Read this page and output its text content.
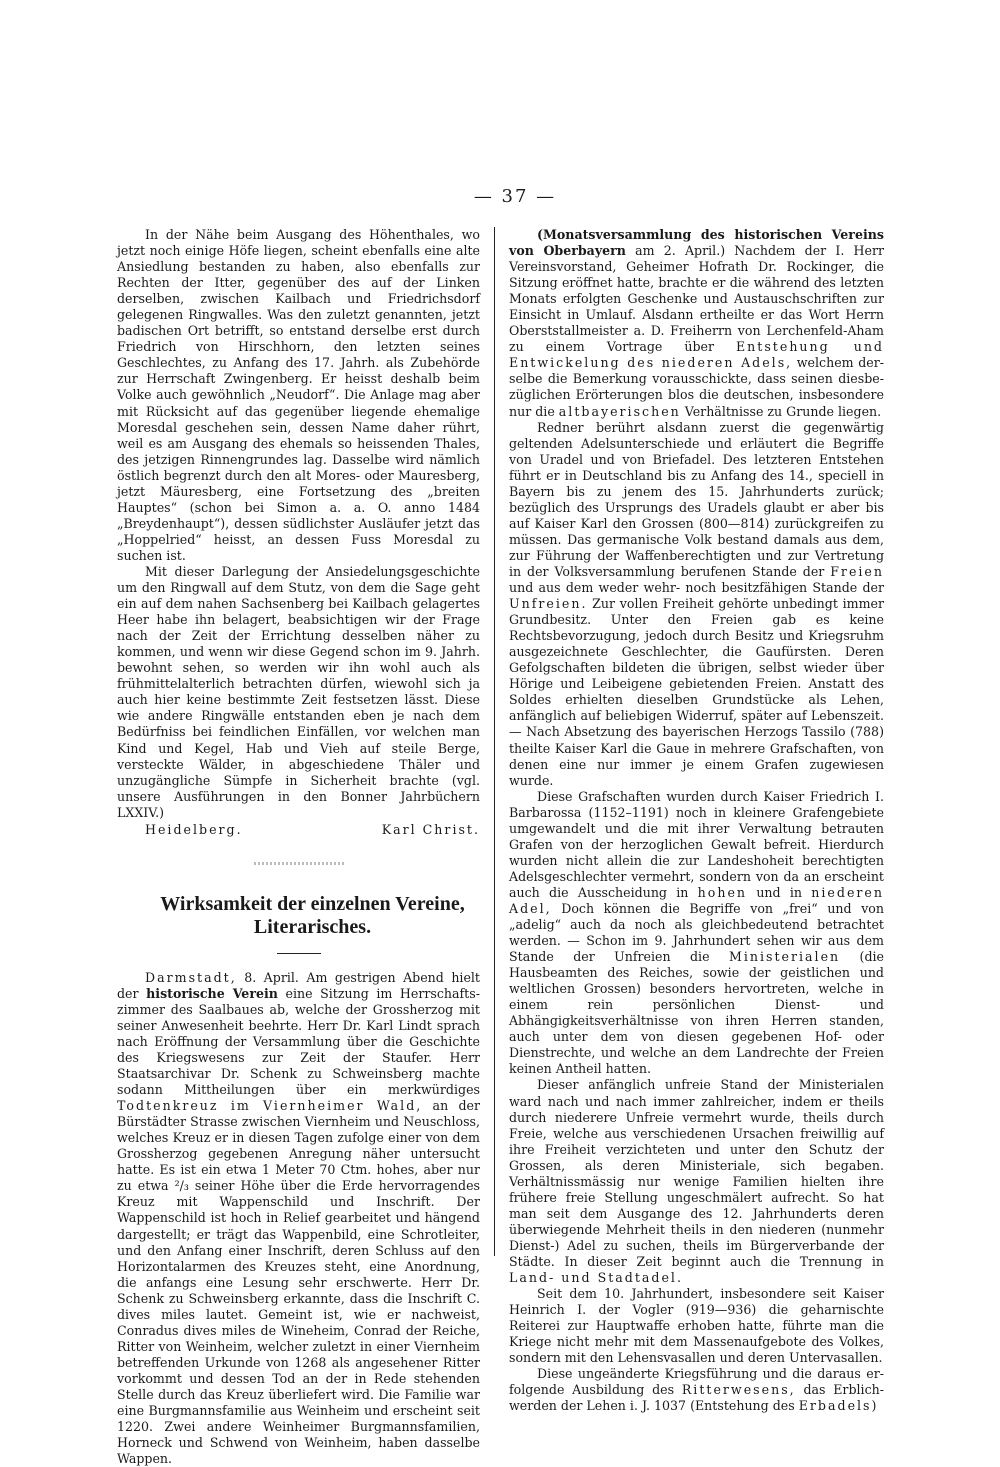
— 37 —

In der Nähe beim Ausgang des Höhenthales, wo jetzt noch einige Höfe liegen, scheint ebenfalls eine alte Ansiedlung bestanden zu haben, also ebenfalls zur Rechten der Itter, gegenüber des auf der Linken derselben, zwischen Kailbach und Friedrichsdorf gelegenen Ringwalles. Was den zuletzt genannten, jetzt badischen Ort betrifft, so entstand derselbe erst durch Friedrich von Hirschhorn, den letzten seines Geschlechtes, zu Anfang des 17. Jahrh. als Zubehörde zur Herrschaft Zwingenberg. Er heisst deshalb beim Volke auch gewöhnlich „Neudorf“. Die Anlage mag aber mit Rücksicht auf das gegenüber liegende ehemalige Moresdal geschehen sein, dessen Name daher rührt, weil es am Ausgang des ehemals so heissenden Thales, des jetzigen Rinnengrundes lag. Dasselbe wird nämlich östlich begrenzt durch den alt Mores- oder Mauresberg, jetzt Mäuresberg, eine Fortsetzung des „breiten Hauptes“ (schon bei Simon a. a. O. anno 1484 „Breydenhaupt“), dessen südlichster Ausläufer jetzt das „Hoppelried“ heisst, an dessen Fuss Moresdal zu suchen ist.

Mit dieser Darlegung der Ansiedelungsgeschichte um den Ringwall auf dem Stutz, von dem die Sage geht ein auf dem nahen Sachsenberg bei Kailbach gelagertes Heer habe ihn belagert, beabsichtigen wir der Frage nach der Zeit der Errichtung desselben näher zu kommen, und wenn wir diese Gegend schon im 9. Jahrh. bewohnt sehen, so werden wir ihn wohl auch als frühmittelalterlich betrachten dürfen, wiewohl sich ja auch hier keine bestimmte Zeit festsetzen lässt. Diese wie andere Ringwälle entstanden eben je nach dem Bedürfniss bei feindlichen Einfällen, vor welchen man Kind und Kegel, Hab und Vieh auf steile Berge, versteckte Wälder, in abgeschiedene Thäler und unzugängliche Sümpfe in Sicherheit brachte (vgl. unsere Ausführungen in den Bonner Jahrbüchern LXXIV.)

Heidelberg.	Karl Christ.

Wirksamkeit der einzelnen Vereine,

Literarisches.

Darmstadt, 8. April. Am gestrigen Abend hielt der historische Verein eine Sitzung im Herrschaftszimmer des Saalbaues ab, welche der Grossherzog mit seiner Anwesenheit beehrte. Herr Dr. Karl Lindt sprach nach Eröffnung der Versammlung über die Geschichte des Kriegswesens zur Zeit der Staufer. Herr Staatsarchivar Dr. Schenk zu Schweinsberg machte sodann Mittheilungen über ein merkwürdiges Todtenkreuz im Viernheimer Wald, an der Bürstädter Strasse zwischen Viernheim und Neuschloss, welches Kreuz er in diesen Tagen zufolge einer von dem Grossherzog gegebenen Anregung näher untersucht hatte. Es ist ein etwa 1 Meter 70 Ctm. hohes, aber nur zu etwa ²/₃ seiner Höhe über die Erde hervorragendes Kreuz mit Wappenschild und Inschrift. Der Wappenschild ist hoch in Relief gearbeitet und hängend dargestellt; er trägt das Wappenbild, eine Schrotleiter, und den Anfang einer Inschrift, deren Schluss auf den Horizontalarmen des Kreuzes steht, eine Anordnung, die anfangs eine Lesung sehr erschwerte. Herr Dr. Schenk zu Schweinsberg erkannte, dass die Inschrift C. dives miles lautet. Gemeint ist, wie er nachweist, Conradus dives miles de Wineheim, Conrad der Reiche, Ritter von Weinheim, welcher zuletzt in einer Viernheim betreffenden Urkunde von 1268 als angesehener Ritter vorkommt und dessen Tod an der in Rede stehenden Stelle durch das Kreuz überliefert wird. Die Familie war eine Burgmannsfamilie aus Weinheim und erscheint seit 1220. Zwei andere Weinheimer Burgmannsfamilien, Horneck und Schwend von Weinheim, haben dasselbe Wappen.

(Monatsversammlung des historischen Vereins von Oberbayern am 2. April.) Nachdem der I. Herr Vereinsvorstand, Geheimer Hofrath Dr. Rockinger, die Sitzung eröffnet hatte, brachte er die während des letzten Monats erfolgten Geschenke und Austauschschriften zur Einsicht in Umlauf. Alsdann ertheilte er das Wort Herrn Oberststallmeister a. D. Freiherrn von Lerchenfeld-Aham zu einem Vortrage über Entstehung und Entwickelung des niederen Adels, welchem derselbe die Bemerkung vorausschickte, dass seinen diesbezüglichen Erörterungen blos die deutschen, insbesondere nur die altbayerischen Verhältnisse zu Grunde liegen.

Redner berührt alsdann zuerst die gegenwärtig geltenden Adelsunterschiede und erläutert die Begriffe von Uradel und von Briefadel. Des letzteren Entstehen führt er in Deutschland bis zu Anfang des 14., speciell in Bayern bis zu jenem des 15. Jahrhunderts zurück; bezüglich des Ursprungs des Uradels glaubt er aber bis auf Kaiser Karl den Grossen (800—814) zurückgreifen zu müssen. Das germanische Volk bestand damals aus dem, zur Führung der Waffenberechtigten und zur Vertretung in der Volksversammlung berufenen Stande der Freien und aus dem weder wehr- noch besitzfähigen Stande der Unfreien. Zur vollen Freiheit gehörte unbedingt immer Grundbesitz. Unter den Freien gab es keine Rechtsbevorzugung, jedoch durch Besitz und Kriegsruhm ausgezeichnete Geschlechter, die Gaufürsten. Deren Gefolgschaften bildeten die übrigen, selbst wieder über Hörige und Leibeigene gebietenden Freien. Anstatt des Soldes erhielten dieselben Grundstücke als Lehen, anfänglich auf beliebigen Widerruf, später auf Lebenszeit. — Nach Absetzung des bayerischen Herzogs Tassilo (788) theilte Kaiser Karl die Gaue in mehrere Grafschaften, von denen eine nur immer je einem Grafen zugewiesen wurde.

Diese Grafschaften wurden durch Kaiser Friedrich I. Barbarossa (1152–1191) noch in kleinere Grafengebiete umgewandelt und die mit ihrer Verwaltung betrauten Grafen von der herzoglichen Gewalt befreit. Hierdurch wurden nicht allein die zur Landeshoheit berechtigten Adelsgeschlechter vermehrt, sondern von da an erscheint auch die Ausscheidung in hohen und in niederen Adel, Doch können die Begriffe von „frei“ und von „adelig“ auch da noch als gleichbedeutend betrachtet werden. — Schon im 9. Jahrhundert sehen wir aus dem Stande der Unfreien die Ministerialen (die Hausbeamten des Reiches, sowie der geistlichen und weltlichen Grossen) besonders hervortreten, welche in einem rein persönlichen Dienst- und Abhängigkeitsverhältnisse von ihren Herren standen, auch unter dem von diesen gegebenen Hof- oder Dienstrechte, und welche an dem Landrechte der Freien keinen Antheil hatten.

Dieser anfänglich unfreie Stand der Ministerialen ward nach und nach immer zahlreicher, indem er theils durch niederere Unfreie vermehrt wurde, theils durch Freie, welche aus verschiedenen Ursachen freiwillig auf ihre Freiheit verzichteten und unter den Schutz der Grossen, als deren Ministeriale, sich begaben. Verhältnissmässig nur wenige Familien hielten ihre frühere freie Stellung ungeschmälert aufrecht. So hat man seit dem Ausgange des 12. Jahrhunderts deren überwiegende Mehrheit theils in den niederen (nunmehr Dienst-) Adel zu suchen, theils im Bürgerverbande der Städte. In dieser Zeit beginnt auch die Trennung in Land- und Stadtadel.

Seit dem 10. Jahrhundert, insbesondere seit Kaiser Heinrich I. der Vogler (919—936) die geharnischte Reiterei zur Hauptwaffe erhoben hatte, führte man die Kriege nicht mehr mit dem Massenaufgebote des Volkes, sondern mit den Lehensvasallen und deren Untervasallen.

Diese ungeänderte Kriegsführung und die daraus erfolgende Ausbildung des Ritterwesens, das Erblichwerden der Lehen i. J. 1037 (Entstehung des Erbadels)
